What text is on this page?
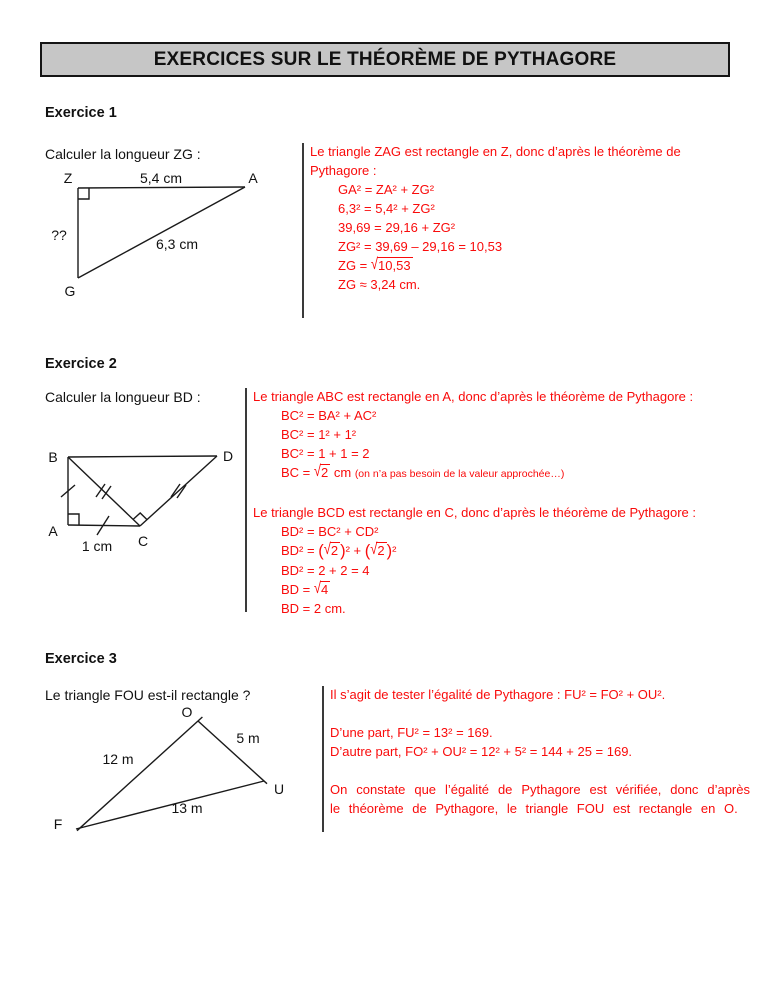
EXERCICES SUR LE THÉORÈME DE PYTHAGORE
Exercice 1
Calculer la longueur ZG :
Z	A
G
5,4 cm
??
6,3 cm
Le triangle ZAG est rectangle en Z, donc d’après le théorème de Pythagore :
GA² = ZA² + ZG²
6,3² = 5,4² + ZG²
39,69 = 29,16 + ZG²
ZG² = 39,69 – 29,16 = 10,53
ZG = √10,53
ZG ≈ 3,24 cm.
Exercice 2
Calculer la longueur BD :
B	D
A
C
1 cm
Le triangle ABC est rectangle en A, donc d’après le théorème de Pythagore :
BC² = BA² + AC²
BC² = 1² + 1²
BC² = 1 + 1 = 2
BC = √2 cm (on n’a pas besoin de la valeur approchée…)
Le triangle BCD est rectangle en C, donc d’après le théorème de Pythagore :
BD² = BC² + CD²
BD² = (√2 )² + (√2 )²
BD² = 2 + 2 = 4
BD = √4
BD = 2 cm.
Exercice 3
Le triangle FOU est-il rectangle ?
O
F
U
12 m
5 m
13 m
Il s’agit de tester l’égalité de Pythagore : FU² = FO² + OU².
D’une part, FU² = 13² = 169.
D’autre part, FO² + OU² = 12² + 5² = 144 + 25 = 169.
On constate que l’égalité de Pythagore est vérifiée, donc d’après le théorème de Pythagore, le triangle FOU est rectangle en O.
